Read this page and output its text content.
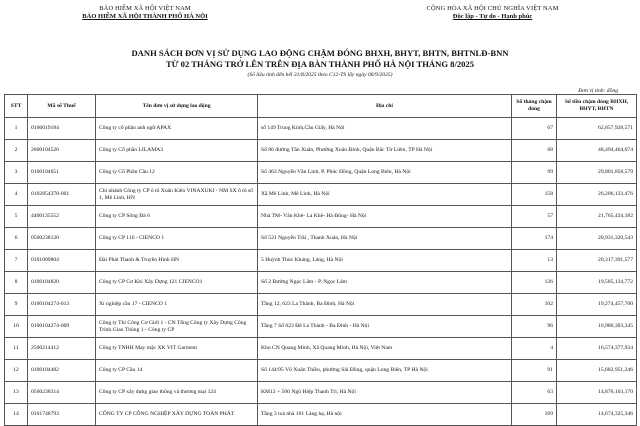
BẢO HIỂM XÃ HỘI VIỆT NAM
BẢO HIỂM XÃ HỘI THÀNH PHỐ HÀ NỘI
CỘNG HÒA XÃ HỘI CHỦ NGHĨA VIỆT NAM
Độc lập - Tự do - Hạnh phúc
DANH SÁCH ĐƠN VỊ SỬ DỤNG LAO ĐỘNG CHẬM ĐÓNG BHXH, BHYT, BHTN, BHTNLĐ-BNN
TỪ 02 THÁNG TRỞ LÊN TRÊN ĐỊA BÀN THÀNH PHỐ HÀ NỘI THÁNG 8/2025
(Số liệu tính đến hết 31/8/2025 theo C12-TS lấy ngày 06/9/2025)
Đơn vị tính: đồng
STT	Mã số Thuế	Tên đơn vị sử dụng lao động	Địa chỉ	Số tháng chậm đóng	Số tiền chậm đóng BHXH, BHYT, BHTN
1	0106019184	Công ty cổ phần anh ngữ APAX	số 149 Trung Kính,Cầu Giấy, Hà Nội	67	62,857,928,571
2	2600104526	Công ty Cổ phần LILAMA3	Số 86 đường Tân Xuân, Phường Xuân Đỉnh, Quận Bắc Từ Liêm, TP Hà Nội	68	48,494,464,074
3	0100104651	Công ty Cổ Phần Cầu 12	Số 463 Nguyễn Văn Linh, P. Phúc Đồng, Quận Long Biên, Hà Nội	99	29,801,858,579
4	0102854378-001	Chi nhánh Công ty CP ô tô Xuân Kiên VINAXUKI - NM SX ô tô số 1, Mê Linh, HN	Xã Mê Linh, Mê Linh, Hà Nội	158	26,206,133,476
5	4400135552	Công ty CP Sông Đà 6	Nhà TM- Văn Khê- La Khê- Hà Đông- Hà Nội	57	21,765,434,182
6	0500238120	Công ty CP 116 - CIENCO 1	Số 521 Nguyễn Trãi , Thanh Xuân, Hà Nội	174	20,931,320,543
7	0101009804	Đài Phát Thanh & Truyền Hình HN	5 Huỳnh Thúc Kháng, Láng, Hà Nội	13	20,317,391,577
8	0100104820	Công ty CP Cơ Khí Xây Dựng 121 CIENCO1	Số 2 Đường Ngọc Lâm - P. Ngọc Lâm	126	19,585,134,772
9	0100104274-013	Xí nghiệp cầu 17 - CIENCO 1	Tầng 12, 623 La Thành, Ba Đình, Hà Nội	102	19,274,457,700
10	0100104274-009	Công ty Thi Công Cơ Giới 1 - CN Tổng Công ty Xây Dựng Công Trình Giao Thông 1 - Công ty CP	Tầng 7 Số 623 Đê La Thành - Ba Đình - Hà Nội	96	16,980,303,345
11	2500214412	Công ty TNHH May mặc XK VIT Garment	Khu CN Quang Minh, Xã Quang Minh, Hà Nội, Việt Nam	4	16,574,377,934
12	0100104482	Công ty CP Cầu 14	Số 144/95 Võ Xuân Thiều, phường Sài Đồng, quận Long Biên, TP Hà Nội	91	15,682,951,246
13	0500238314	Công ty CP xây dựng giao thông và thương mại 124	KM12 + 500 Ngũ Hiệp Thanh Trì, Hà Nội	63	14,876,163,170
14	0101748793	CÔNG TY CP CÔNG NGHIỆP XÂY DỰNG TOÀN PHÁT	Tầng 3 toà nhà 101 Láng hạ, Hà nội	169	14,674,325,346
